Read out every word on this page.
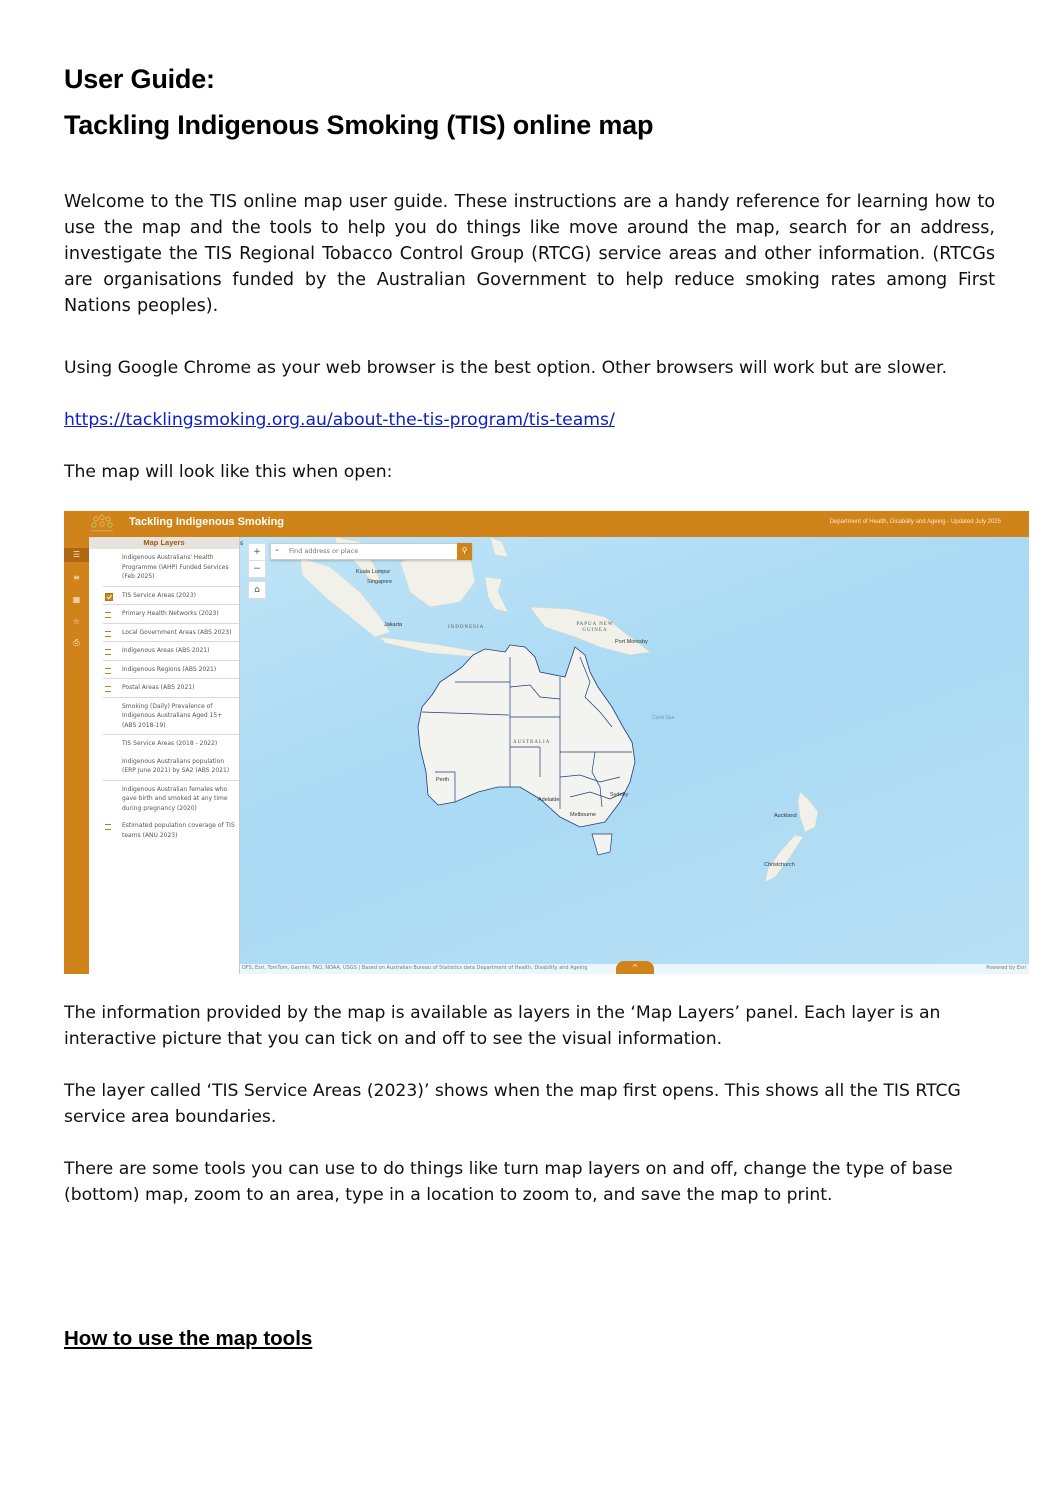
User Guide:
Tackling Indigenous Smoking (TIS) online map

Welcome to the TIS online map user guide. These instructions are a handy reference for learning how to use the map and the tools to help you do things like move around the map, search for an address, investigate the TIS Regional Tobacco Control Group (RTCG) service areas and other information. (RTCGs are organisations funded by the Australian Government to help reduce smoking rates among First Nations peoples).

Using Google Chrome as your web browser is the best option. Other browsers will work but are slower.

https://tacklingsmoking.org.au/about-the-tis-program/tis-teams/

The map will look like this when open:

Tackling Indigenous Smoking	Department of Health, Disability and Ageing - Updated July 2025
☰
≡
▦
☆
⎙
Map Layers
Indigenous Australians' Health Programme (IAHP) Funded Services (Feb 2025)
TIS Service Areas (2023)
Primary Health Networks (2023)
Local Government Areas (ABS 2023)
Indigenous Areas (ABS 2021)
Indigenous Regions (ABS 2021)
Postal Areas (ABS 2021)
Smoking (Daily) Prevalence of Indigenous Australians Aged 15+ (ABS 2018-19)
TIS Service Areas (2018 - 2022)
Indigenous Australians population (ERP June 2021) by SA2 (ABS 2021)
Indigenous Australian females who gave birth and smoked at any time during pregnancy (2020)
Estimated population coverage of TIS teams (ANU 2023)
Kuala Lumpur
Singapore
Jakarta	INDONESIA
PAPUA NEW GUINEA
Port Moresby
AUSTRALIA
Coral Sea
Perth
Adelaide
Melbourne
Sydney
Auckland
Christchurch
s
+
−
⌂
⌄
Find address or place	⚲
DFS, Esri, TomTom, Garmin, FAO, NOAA, USGS | Based on Australian Bureau of Statistics data Department of Health, Disability and Ageing	Powered by Esri
^

The information provided by the map is available as layers in the ‘Map Layers’ panel. Each layer is an interactive picture that you can tick on and off to see the visual information.

The layer called ‘TIS Service Areas (2023)’ shows when the map first opens. This shows all the TIS RTCG service area boundaries.

There are some tools you can use to do things like turn map layers on and off, change the type of base (bottom) map, zoom to an area, type in a location to zoom to, and save the map to print.

How to use the map tools
